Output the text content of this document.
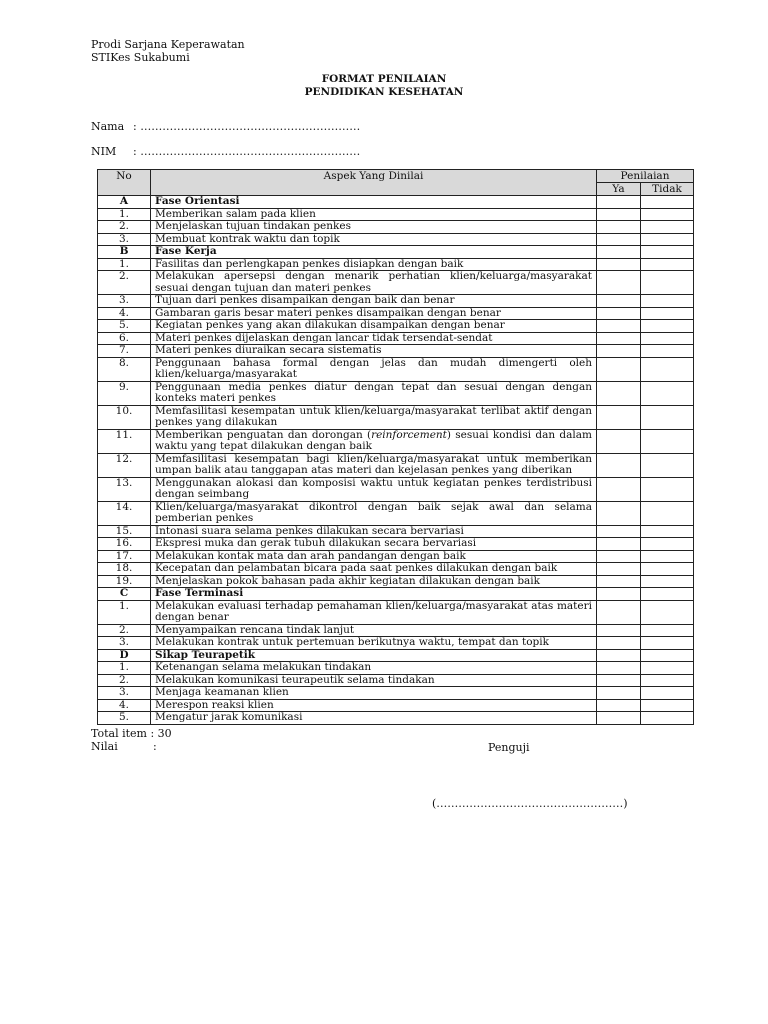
Prodi Sarjana Keperawatan
STIKes Sukabumi
FORMAT PENILAIAN
PENDIDIKAN KESEHATAN
Nama : ……………………………………………………
NIM : ……………………………………………………
No	Aspek Yang Dinilai	Penilaian	
		Ya	Tidak
A	Fase Orientasi		
1.	Memberikan salam pada klien		
2.	Menjelaskan tujuan tindakan penkes		
3.	Membuat kontrak waktu dan topik		
B	Fase Kerja		
1.	Fasilitas dan perlengkapan penkes disiapkan dengan baik		
2.	Melakukan apersepsi dengan menarik perhatian klien/keluarga/masyarakat sesuai dengan tujuan dan materi penkes		
3.	Tujuan dari penkes disampaikan dengan baik dan benar		
4.	Gambaran garis besar materi penkes disampaikan dengan benar		
5.	Kegiatan penkes yang akan dilakukan disampaikan dengan benar		
6.	Materi penkes dijelaskan dengan lancar tidak tersendat-sendat		
7.	Materi penkes diuraikan secara sistematis		
8.	Penggunaan bahasa formal dengan jelas dan mudah dimengerti oleh klien/keluarga/masyarakat		
9.	Penggunaan media penkes diatur dengan tepat dan sesuai dengan dengan konteks materi penkes		
10.	Memfasilitasi kesempatan untuk klien/keluarga/masyarakat terlibat aktif dengan penkes yang dilakukan		
11.	Memberikan penguatan dan dorongan (reinforcement) sesuai kondisi dan dalam waktu yang tepat dilakukan dengan baik		
12.	Memfasilitasi kesempatan bagi klien/keluarga/masyarakat untuk memberikan umpan balik atau tanggapan atas materi dan kejelasan penkes yang diberikan		
13.	Menggunakan alokasi dan komposisi waktu untuk kegiatan penkes terdistribusi dengan seimbang		
14.	Klien/keluarga/masyarakat dikontrol dengan baik sejak awal dan selama pemberian penkes		
15.	Intonasi suara selama penkes dilakukan secara bervariasi		
16.	Ekspresi muka dan gerak tubuh dilakukan secara bervariasi		
17.	Melakukan kontak mata dan arah pandangan dengan baik		
18.	Kecepatan dan pelambatan bicara pada saat penkes dilakukan dengan baik		
19.	Menjelaskan pokok bahasan pada akhir kegiatan dilakukan dengan baik		
C	Fase Terminasi		
1.	Melakukan evaluasi terhadap pemahaman klien/keluarga/masyarakat atas materi dengan benar		
2.	Menyampaikan rencana tindak lanjut		
3.	Melakukan kontrak untuk pertemuan berikutnya waktu, tempat dan topik		
D	Sikap Teurapetik		
1.	Ketenangan selama melakukan tindakan		
2.	Melakukan komunikasi teurapeutik selama tindakan		
3.	Menjaga keamanan klien		
4.	Merespon reaksi klien		
5.	Mengatur jarak komunikasi		
Total item : 30
Nilai	:	Penguji
(……………………………………………)
